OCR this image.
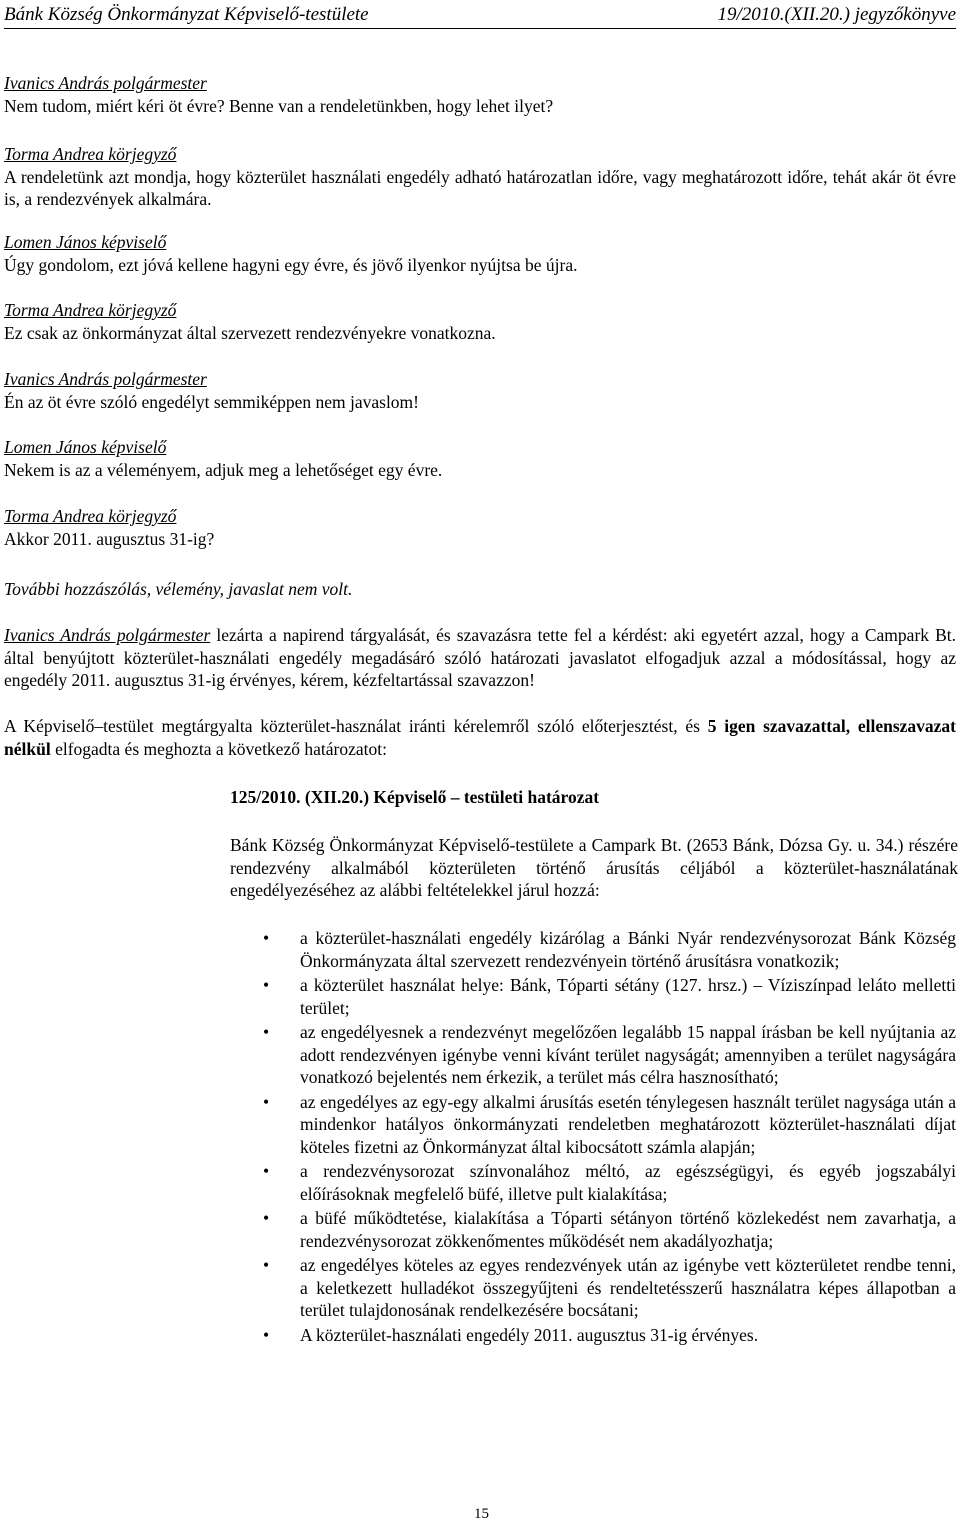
Bánk Község Önkormányzat Képviselő-testülete	19/2010.(XII.20.) jegyzőkönyve
Ivanics András polgármester
Nem tudom, miért kéri öt évre? Benne van a rendeletünkben, hogy lehet ilyet?
Torma Andrea körjegyző
A rendeletünk azt mondja, hogy közterület használati engedély adható határozatlan időre, vagy meghatározott időre, tehát akár öt évre is, a rendezvények alkalmára.
Lomen János képviselő
Úgy gondolom, ezt jóvá kellene hagyni egy évre, és jövő ilyenkor nyújtsa be újra.
Torma Andrea körjegyző
Ez csak az önkormányzat által szervezett rendezvényekre vonatkozna.
Ivanics András polgármester
Én az öt évre szóló engedélyt semmiképpen nem javaslom!
Lomen János képviselő
Nekem is az a véleményem, adjuk meg a lehetőséget egy évre.
Torma Andrea körjegyző
Akkor 2011. augusztus 31-ig?
További hozzászólás, vélemény, javaslat nem volt.
Ivanics András polgármester lezárta a napirend tárgyalását, és szavazásra tette fel a kérdést: aki egyetért azzal, hogy a Campark Bt. által benyújtott közterület-használati engedély megadásáró szóló határozati javaslatot elfogadjuk azzal a módosítással, hogy az engedély 2011. augusztus 31-ig érvényes, kérem, kézfeltartással szavazzon!
A Képviselő–testület megtárgyalta közterület-használat iránti kérelemről szóló előterjesztést, és 5 igen szavazattal, ellenszavazat nélkül elfogadta és meghozta a következő határozatot:
125/2010. (XII.20.) Képviselő – testületi határozat
Bánk Község Önkormányzat Képviselő-testülete a Campark Bt. (2653 Bánk, Dózsa Gy. u. 34.) részére rendezvény alkalmából közterületen történő árusítás céljából a közterület-használatának engedélyezéséhez az alábbi feltételekkel járul hozzá:
• a közterület-használati engedély kizárólag a Bánki Nyár rendezvénysorozat Bánk Község Önkormányzata által szervezett rendezvényein történő árusításra vonatkozik;
• a közterület használat helye: Bánk, Tóparti sétány (127. hrsz.) – Víziszínpad leláto melletti terület;
• az engedélyesnek a rendezvényt megelőzően legalább 15 nappal írásban be kell nyújtania az adott rendezvényen igénybe venni kívánt terület nagyságát; amennyiben a terület nagyságára vonatkozó bejelentés nem érkezik, a terület más célra hasznosítható;
• az engedélyes az egy-egy alkalmi árusítás esetén ténylegesen használt terület nagysága után a mindenkor hatályos önkormányzati rendeletben meghatározott közterület-használati díjat köteles fizetni az Önkormányzat által kibocsátott számla alapján;
• a rendezvénysorozat színvonalához méltó, az egészségügyi, és egyéb jogszabályi előírásoknak megfelelő büfé, illetve pult kialakítása;
• a büfé működtetése, kialakítása a Tóparti sétányon történő közlekedést nem zavarhatja, a rendezvénysorozat zökkenőmentes működését nem akadályozhatja;
• az engedélyes köteles az egyes rendezvények után az igénybe vett közterületet rendbe tenni, a keletkezett hulladékot összegyűjteni és rendeltetésszerű használatra képes állapotban a terület tulajdonosának rendelkezésére bocsátani;
• A közterület-használati engedély 2011. augusztus 31-ig érvényes.
15
